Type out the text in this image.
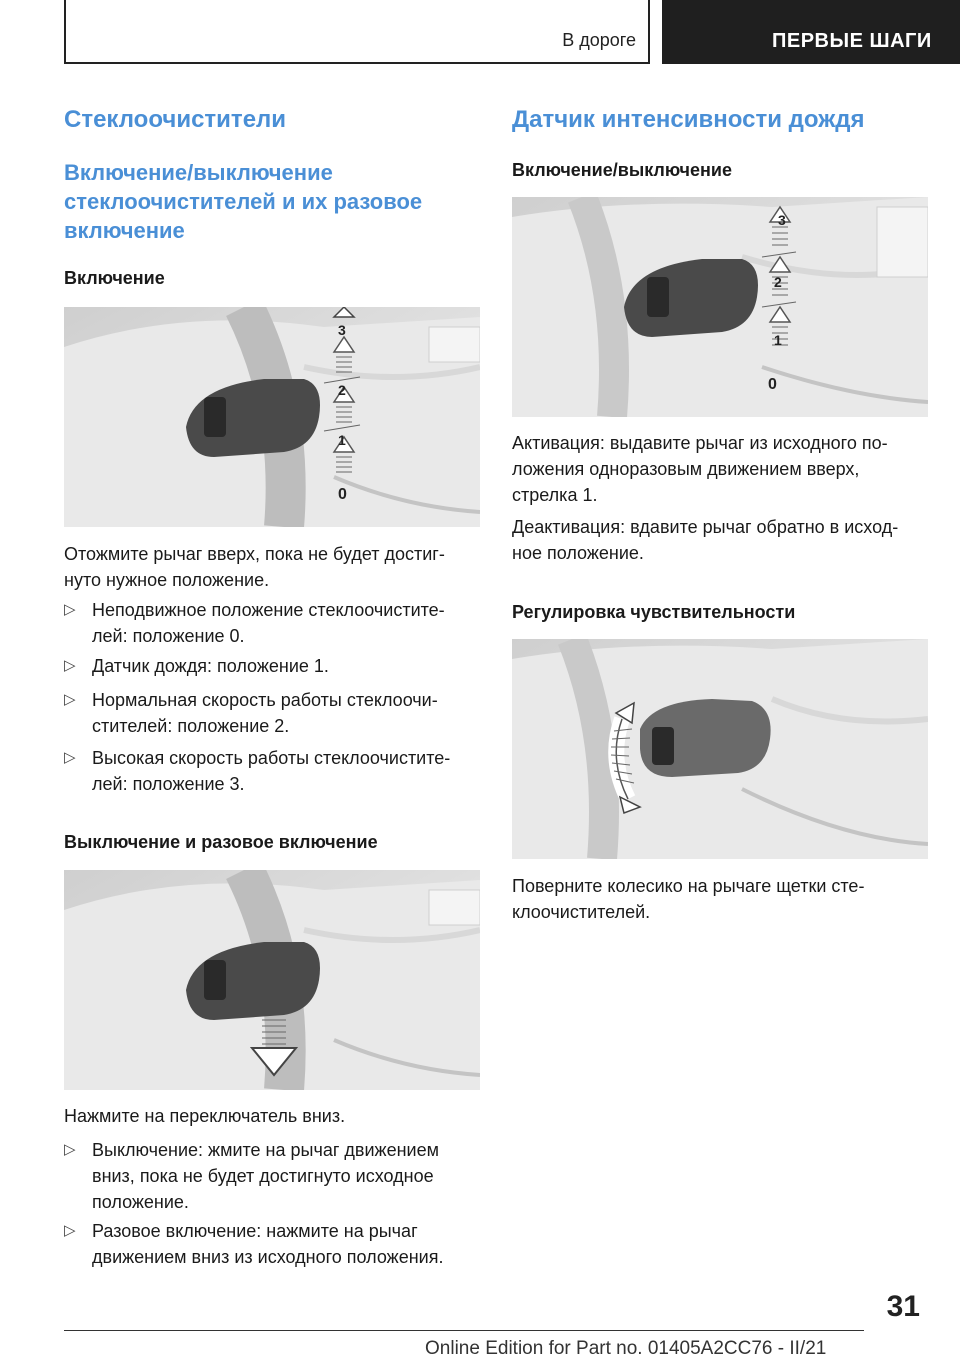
В дороге	ПЕРВЫЕ ШАГИ
Стеклоочистители
Включение/выключение
стеклоочистителей и их разовое
включение
Включение
3
2
1
0
Отожмите рычаг вверх, пока не будет достиг-
нуто нужное положение.
▷ Неподвижное положение стеклоочистите-
лей: положение 0.
▷ Датчик дождя: положение 1.
▷ Нормальная скорость работы стеклоочи-
стителей: положение 2.
▷ Высокая скорость работы стеклоочистите-
лей: положение 3.
Выключение и разовое включение
Нажмите на переключатель вниз.
▷ Выключение: жмите на рычаг движением
вниз, пока не будет достигнуто исходное
положение.
▷ Разовое включение: нажмите на рычаг
движением вниз из исходного положения.
Датчик интенсивности дождя
Включение/выключение
3
2
1
0
Активация: выдавите рычаг из исходного по-
ложения одноразовым движением вверх,
стрелка 1.
Деактивация: вдавите рычаг обратно в исход-
ное положение.
Регулировка чувствительности
Поверните колесико на рычаге щетки сте-
клоочистителей.
31
Online Edition for Part no. 01405A2CC76 - II/21
